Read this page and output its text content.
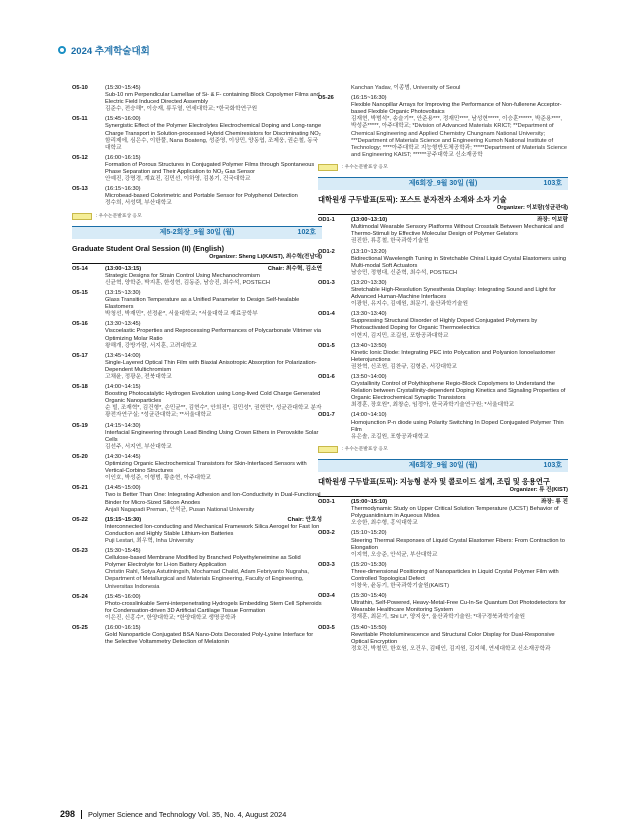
2024 추계학술대회
O5-10	(15:30~15:45)
Sub-10 nm Perpendicular Lamellae of Si- & F- containing Block Copolymer Films and Electric Field Induced Directed Assembly
김준수, 전승해*, 이승재, 류두열, 연세대학교; *한국화학연구원
O5-11	(15:45~16:00)
Synergistic Effect of the Polymer Electrolytes Electrochemical Doping and Long-range Charge Transport in Solution-processed Hybrid Chemiresistors for Discriminating NO₂
함리제에, 심은수, 이한풀, Nana Boateng, 성준영, 이상민, 양동엽, 조제웅, 권순철, 동국대학교
O5-12	(16:00~16:15)
Formation of Porous Structures in Conjugated Polymer Films through Spontaneous Phase Separation and Their Application to NO₂ Gas Sensor
안예진, 강명경, 계효진, 김민선, 이하영, 김봉기, 건국대학교
O5-13	(16:15~16:30)
Microbead-based Colorimetric and Portable Sensor for Polyphenol Detection
정수희, 서성택, 부산대학교
: 우수논문발표상 응모
제5-2회장_9월 30일 (월)	102호
Graduate Student Oral Session (II) (English)
Organizer: Sheng Li(KAIST), 최수혁(전남대)
O5-14	(13:00~13:15)	Chair: 최수혁, 김소연
Strategic Designs for Strain Control Using Mechanochromism
신균혁, 양학준, 박지훈, 한성현, 김동준, 남승진, 최수석, POSTECH
O5-15	(13:15~13:30)
Glass Transition Temperature as a Unified Parameter to Design Self-healable Elastomers
박청선, 박재민*, 선정윤*, 서울대학교; *서울대학교 재료공학부
O5-16	(13:30~13:45)
Viscoelastic Properties and Reprocessing Performances of Polycarbonate Vitrimer via Optimizing Molar Ratio
왕해개, 강방가람, 서지훈, 고려대학교
O5-17	(13:45~14:00)
Single-Layered Optical Thin Film with Biaxial Anisotropic Absorption for Polarization-Dependent Multichromism
고채윤, 정광운, 전북대학교
O5-18	(14:00~14:15)
Boosting Photocatalytic Hydrogen Evolution using Long-lived Cold Charge Generated Organic Nanoparticles
순 빌, 조재혁*, 김건형*, 손민균**, 김현수*, 안희진*, 김민성*, 권현민*, 성균관대학교 분자광전자연구실; *성균관대학교; **서울대학교
O5-19	(14:15~14:30)
Interfacial Engineering through Lead Binding Using Crown Ethers in Perovskite Solar Cells
김선주, 서지연, 부산대학교
O5-20	(14:30~14:45)
Optimizing Organic Electrochemical Transistors for Skin-Interfaced Sensors with Vertical-Corbino Structures
이인호, 박성준, 이형범, 황춘현, 아주대학교
O5-21	(14:45~15:00)
Two is Better Than One: Integrating Adhesion and Ion-Conductivity in Dual-Functional Binder for Micro-Sized Silicon Anodes
Anjali Nagapadi Preman, 안석균, Pusan National University
O5-22	(15:15~15:30)	Chair: 안호성
Interconnected Ion-conducting and Mechanical Framework Silica Aerogel for Fast Ion Conduction and Highly Stable Lithium-ion Batteries
Puji Lestari, 최우혁, Inha University
O5-23	(15:30~15:45)
Cellulose-based Membrane Modified by Branched Polyethyleneimine as Solid Polymer Electrolyte for Li-ion Battery Application
Christin Rahl, Sotya Astutiningsih, Mochamad Chalid, Adam Febriyanto Nugraha, Department of Metallurgical and Materials Engineering, Faculty of Engineering, Universitas Indonesia
O5-24	(15:45~16:00)
Photo-crosslinkable Semi-interpenetrating Hydrogels Embedding Stem Cell Spheroids for Condensation-driven 3D Artificial Cartilage Tissue Formation
이은진, 신홍수*, 한양대학교; *한양대학교 생명공학과
O5-25	(16:00~16:15)
Gold Nanoparticle Conjugated BSA Nano-Dots Decorated Poly-Lysine Interface for the Selective Voltammetry Detection of Melatonin
Kanchan Yadav, 이종범, University of Seoul
O5-26	(16:15~16:30)
Flexible Nanopillar Arrays for Improving the Performance of Non-fullerene Acceptor-based Flexible Organic Photovoltaics
김재현, 박범석*, 송슬기**, 안준용***, 정재민****, 남성현*****, 이승훈******, 박준용****, 박성준*****, 아주대학교; *Division of Advanced Materials KRICT; **Department of Chemical Engineering and Applied Chemistry Chungnam National University; ***Department of Materials Science and Engineering Kumoh National Institute of Technology; ****아주대학교 지능형반도체공학과; *****Department of Materials Science and Engineering KAIST; ******공주대학교 신소재공학
: 우수논문발표상 응모
제6회장_9월 30일 (월)	103호
대학원생 구두발표(토픽): 포스트 분자전자 소재와 소자 기술
Organizer: 이보람(성균관대)
OD1-1	(13:00~13:10)	좌장: 이보람
Multimodal Wearable Sensory Platforms Without Crosstalk Between Mechanical and Thermo-Stimuli by Effective Molecular Design of Polymer Gelators
권진한, 류홍철, 한국과학기술원
OD1-2	(13:10~13:20)
Bidirectional Wavelength Tuning in Stretchable Chiral Liquid Crystal Elastomers using Multi-modal Soft Actuators
남승민, 정형대, 신준혁, 최수석, POSTECH
OD1-3	(13:20~13:30)
Stretchable High-Resolution Synesthesia Display: Integrating Sound and Light for Advanced Human-Machine Interfaces
이광헌, 유지수, 김예원, 최문기, 울산과학기술원
OD1-4	(13:30~13:40)
Suppressing Structural Disorder of Highly Doped Conjugated Polymers by Photoactivated Doping for Organic Thermoelectrics
이현지, 김지민, 조길원, 포항공과대학교
OD1-5	(13:40~13:50)
Kinetic Ionic Diode: Integrating PEC into Polycation and Polyanion Ionoelastomer Heterojunctions
권찬혁, 신조원, 김찬규, 김형준, 서강대학교
OD1-6	(13:50~14:00)
Crystallinity Control of Polythiophene Regio-Block Copolymers to Understand the Relation between Crystallinity-dependent Doping Kinetics and Signaling Properties of Organic Electrochemical Synaptic Transistors
최경훈, 장호원*, 최창순, 임정아, 한국과학기술연구원; *서울대학교
OD1-7	(14:00~14:10)
Homojunction P-n diode using Polarity Switching In Doped Conjugated Polymer Thin Film
유은솔, 조길원, 포항공과대학교
: 우수논문발표상 응모
제6회장_9월 30일 (월)	103호
대학원생 구두발표(토픽): 지능형 분자 및 콜로이드 설계, 조립 및 응용연구
Organizer: 류 진(KIST)
OD3-1	(15:00~15:10)	좌장: 류 진
Thermodynamic Study on Upper Critical Solution Temperature (UCST) Behavior of Polyguanidinium in Aqueous Midea
오승한, 최수형, 홍익대학교
OD3-2	(15:10~15:20)
Steering Thermal Responses of Liquid Crystal Elastomer Fibers: From Contraction to Elongation
이지혁, 오승준, 안석균, 부산대학교
OD3-3	(15:20~15:30)
Three-dimensional Positioning of Nanoparticles in Liquid Crystal Polymer Film with Controlled Topological Defect
이창욱, 윤동기, 한국과학기술원(KAIST)
OD3-4	(15:30~15:40)
Ultrathin, Self-Powered, Heavy-Metal-Free Cu-In-Se Quantum Dot Photodetectors for Wearable Healthcare Monitoring System
정재훈, 최문기, Shi Li*, 양지웅*, 울산과학기술원; *대구경북과학기술원
OD3-5	(15:40~15:50)
Rewritable Photoluminescence and Structural Color Display for Dual-Responsive Optical Encryption
정호건, 박철민, 한호원, 오건우, 김태인, 김지원, 김지혜, 연세대학교 신소재공학과
298 Polymer Science and Technology Vol. 35, No. 4, August 2024
